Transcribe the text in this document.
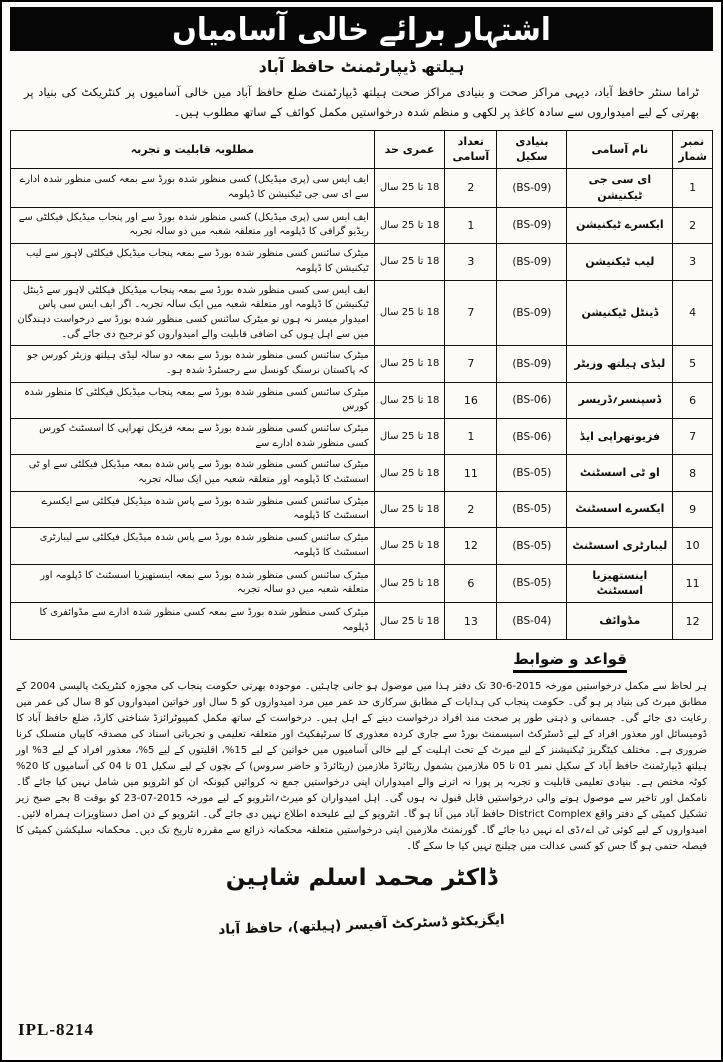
اشتہار برائے خالی آسامیاں
ہیلتھ ڈیپارٹمنٹ حافظ آباد

ٹراما سنٹر حافظ آباد، دیہی مراکز صحت و بنیادی مراکز صحت ہیلتھ ڈیپارٹمنٹ ضلع حافظ آباد میں خالی آسامیوں پر کنٹریکٹ کی بنیاد پر بھرتی کے لیے امیدواروں سے سادہ کاغذ پر لکھی و منظم شدہ درخواستیں مکمل کوائف کے ساتھ مطلوب ہیں۔

نمبر شمار	نام آسامی	بنیادی سکیل	تعداد آسامی	عمری حد	مطلوبہ قابلیت و تجربہ
1	ای سی جی ٹیکنیشن	(BS-09)	2	18 تا 25 سال	ایف ایس سی (پری میڈیکل) کسی منظور شدہ بورڈ سے بمعہ کسی منظور شدہ ادارے سے ای سی جی ٹیکنیشن کا ڈپلومہ
2	ایکسرے ٹیکنیشن	(BS-09)	1	18 تا 25 سال	ایف ایس سی (پری میڈیکل) کسی منظور شدہ بورڈ سے اور پنجاب میڈیکل فیکلٹی سے ریڈیو گرافی کا ڈپلومہ اور متعلقہ شعبہ میں دو سالہ تجربہ
3	لیب ٹیکنیشن	(BS-09)	3	18 تا 25 سال	میٹرک سائنس کسی منظور شدہ بورڈ سے بمعہ پنجاب میڈیکل فیکلٹی لاہور سے لیب ٹیکنیشن کا ڈپلومہ
4	ڈینٹل ٹیکنیشن	(BS-09)	7	18 تا 25 سال	ایف ایس سی کسی منظور شدہ بورڈ سے بمعہ پنجاب میڈیکل فیکلٹی لاہور سے ڈینٹل ٹیکنیشن کا ڈپلومہ اور متعلقہ شعبہ میں ایک سالہ تجربہ۔ اگر ایف ایس سی پاس امیدوار میسر نہ ہوں تو میٹرک سائنس کسی منظور شدہ بورڈ سے درخواست دہندگان میں سے اہل ہوں کی اضافی قابلیت والے امیدواروں کو ترجیح دی جائے گی۔
5	لیڈی ہیلتھ وزیٹر	(BS-09)	7	18 تا 25 سال	میٹرک سائنس کسی منظور شدہ بورڈ سے بمعہ دو سالہ لیڈی ہیلتھ وزیٹر کورس جو کہ پاکستان نرسنگ کونسل سے رجسٹرڈ شدہ ہو۔
6	ڈسپنسر؍ڈریسر	(BS-06)	16	18 تا 25 سال	میٹرک سائنس کسی منظور شدہ بورڈ سے بمعہ پنجاب میڈیکل فیکلٹی کا منظور شدہ کورس
7	فزیوتھراپی ایڈ	(BS-06)	1	18 تا 25 سال	میٹرک سائنس کسی منظور شدہ بورڈ سے بمعہ فزیکل تھراپی کا اسسٹنٹ کورس کسی منظور شدہ ادارے سے
8	او ٹی اسسٹنٹ	(BS-05)	11	18 تا 25 سال	میٹرک سائنس کسی منظور شدہ بورڈ سے پاس شدہ بمعہ میڈیکل فیکلٹی سے او ٹی اسسٹنٹ کا ڈپلومہ اور متعلقہ شعبہ میں ایک سالہ تجربہ
9	ایکسرے اسسٹنٹ	(BS-05)	2	18 تا 25 سال	میٹرک سائنس کسی منظور شدہ بورڈ سے پاس شدہ میڈیکل فیکلٹی سے ایکسرے اسسٹنٹ کا ڈپلومہ
10	لیبارٹری اسسٹنٹ	(BS-05)	12	18 تا 25 سال	میٹرک سائنس کسی منظور شدہ بورڈ سے پاس شدہ میڈیکل فیکلٹی سے لیبارٹری اسسٹنٹ کا ڈپلومہ
11	اینستھیزیا اسسٹنٹ	(BS-05)	6	18 تا 25 سال	میٹرک سائنس کسی منظور شدہ بورڈ سے بمعہ اینستھیزیا اسسٹنٹ کا ڈپلومہ اور متعلقہ شعبہ میں دو سالہ تجربہ
12	مڈوائف	(BS-04)	13	18 تا 25 سال	میٹرک کسی منظور شدہ بورڈ سے بمعہ کسی منظور شدہ ادارے سے مڈوائفری کا ڈپلومہ
قواعد و ضوابط

ہر لحاظ سے مکمل درخواستیں مورخہ ‎30-6-2015‎ تک دفتر ہذا میں موصول ہو جانی چاہئیں۔ موجودہ بھرتی حکومت پنجاب کی مجوزہ کنٹریکٹ پالیسی 2004 کے مطابق میرٹ کی بنیاد پر ہو گی۔ حکومت پنجاب کی ہدایات کے مطابق سرکاری حد عمر میں مرد امیدواروں کو 5 سال اور خواتین امیدواروں کو 8 سال کی عمر میں رعایت دی جائے گی۔ جسمانی و ذہنی طور پر صحت مند افراد درخواست دینے کے اہل ہیں۔ درخواست کے ساتھ مکمل کمپیوٹرائزڈ شناختی کارڈ، ضلع حافظ آباد کا ڈومیسائل اور معذور افراد کے لیے ڈسٹرکٹ اسیسمنٹ بورڈ سے جاری کردہ معذوری کا سرٹیفکیٹ اور متعلقہ تعلیمی و تجرباتی اسناد کی مصدقہ کاپیاں منسلک کرنا ضروری ہے۔ مختلف کیٹگریز ٹیکنیشنز کے لیے میرٹ کے تحت اہلیت کے لیے خالی آسامیوں میں خواتین کے لیے 15%، اقلیتوں کے لیے 5%، معذور افراد کے لیے 3% اور ہیلتھ ڈیپارٹمنٹ حافظ آباد کے سکیل نمبر ‎01‎ تا ‎05‎ ملازمین بشمول ریٹائرڈ ملازمین (ریٹائرڈ و حاضر سروس) کے بچوں کے لیے سکیل ‎01‎ تا ‎04‎ کی آسامیوں کا 20% کوٹہ مختص ہے۔ بنیادی تعلیمی قابلیت و تجربہ پر پورا نہ اترنے والے امیدواران اپنی درخواستیں جمع نہ کروائیں کیونکہ ان کو انٹرویو میں شامل نہیں کیا جائے گا۔ نامکمل اور تاخیر سے موصول ہونے والی درخواستیں قابل قبول نہ ہوں گی۔ اہل امیدواران کو میرٹ؍انٹرویو کے لیے مورخہ ‎23-07-2015‎ کو بوقت 8 بجے صبح زیر تشکیل کمیٹی کے دفتر واقع District Complex حافظ آباد میں آنا ہو گا۔ انٹرویو کے لیے علیحدہ اطلاع نہیں دی جائے گی۔ انٹرویو کے دن اصل دستاویزات ہمراہ لائیں۔ امیدواروں کے لیے کوئی ٹی اے؍ڈی اے نہیں دیا جائے گا۔ گورنمنٹ ملازمین اپنی درخواستیں متعلقہ محکمانہ ذرائع سے مقررہ تاریخ تک دیں۔ محکمانہ سلیکشن کمیٹی کا فیصلہ حتمی ہو گا جس کو کسی عدالت میں چیلنج نہیں کیا جا سکے گا۔

ڈاکٹر محمد اسلم شاہین
ایگزیکٹو ڈسٹرکٹ آفیسر (ہیلتھ)، حافظ آباد
IPL-8214
